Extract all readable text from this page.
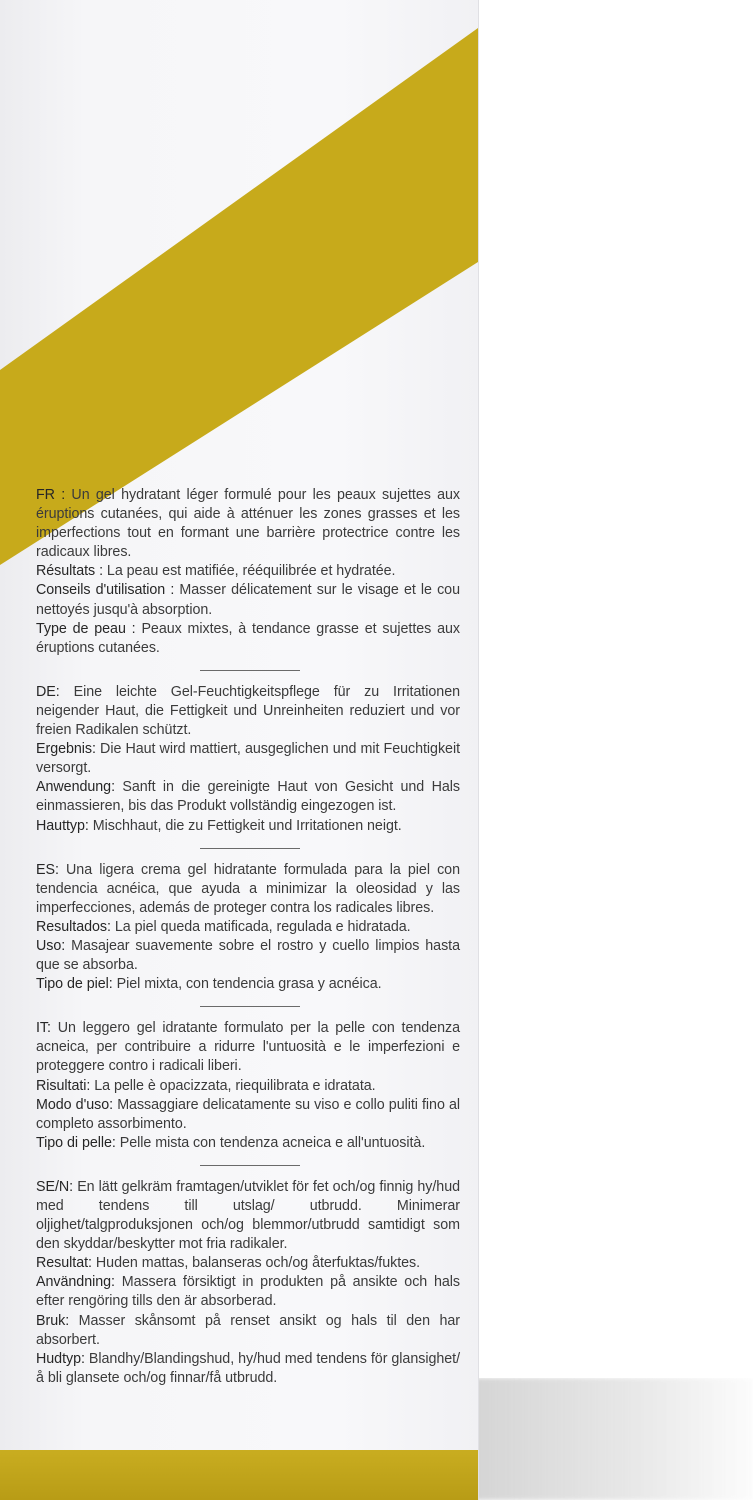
FR : Un gel hydratant léger formulé pour les peaux sujettes aux éruptions cutanées, qui aide à atténuer les zones grasses et les imperfections tout en formant une barrière protectrice contre les radicaux libres.

Résultats : La peau est matifiée, rééquilibrée et hydratée.

Conseils d'utilisation : Masser délicatement sur le visage et le cou nettoyés jusqu'à absorption.

Type de peau : Peaux mixtes, à tendance grasse et sujettes aux éruptions cutanées.

DE: Eine leichte Gel-Feuchtigkeitspflege für zu Irritationen neigender Haut, die Fettigkeit und Unreinheiten reduziert und vor freien Radikalen schützt.

Ergebnis: Die Haut wird mattiert, ausgeglichen und mit Feuchtigkeit versorgt.

Anwendung: Sanft in die gereinigte Haut von Gesicht und Hals einmassieren, bis das Produkt vollständig eingezogen ist.

Hauttyp: Mischhaut, die zu Fettigkeit und Irritationen neigt.

ES: Una ligera crema gel hidratante formulada para la piel con tendencia acnéica, que ayuda a minimizar la oleosidad y las imperfecciones, además de proteger contra los radicales libres.

Resultados: La piel queda matificada, regulada e hidratada.

Uso: Masajear suavemente sobre el rostro y cuello limpios hasta que se absorba.

Tipo de piel: Piel mixta, con tendencia grasa y acnéica.

IT: Un leggero gel idratante formulato per la pelle con tendenza acneica, per contribuire a ridurre l'untuosità e le imperfezioni e proteggere contro i radicali liberi.

Risultati: La pelle è opacizzata, riequilibrata e idratata.

Modo d'uso: Massaggiare delicatamente su viso e collo puliti fino al completo assorbimento.

Tipo di pelle: Pelle mista con tendenza acneica e all'untuosità.

SE/N: En lätt gelkräm framtagen/utviklet för fet och/og finnig hy/hud med tendens till utslag/ utbrudd. Minimerar oljighet/talgproduksjonen och/og blemmor/utbrudd samtidigt som den skyddar/beskytter mot fria radikaler.

Resultat: Huden mattas, balanseras och/og återfuktas/fuktes.

Användning: Massera försiktigt in produkten på ansikte och hals efter rengöring tills den är absorberad.

Bruk: Masser skånsomt på renset ansikt og hals til den har absorbert.

Hudtyp: Blandhy/Blandingshud, hy/hud med tendens för glansighet/å bli glansete och/og finnar/få utbrudd.
